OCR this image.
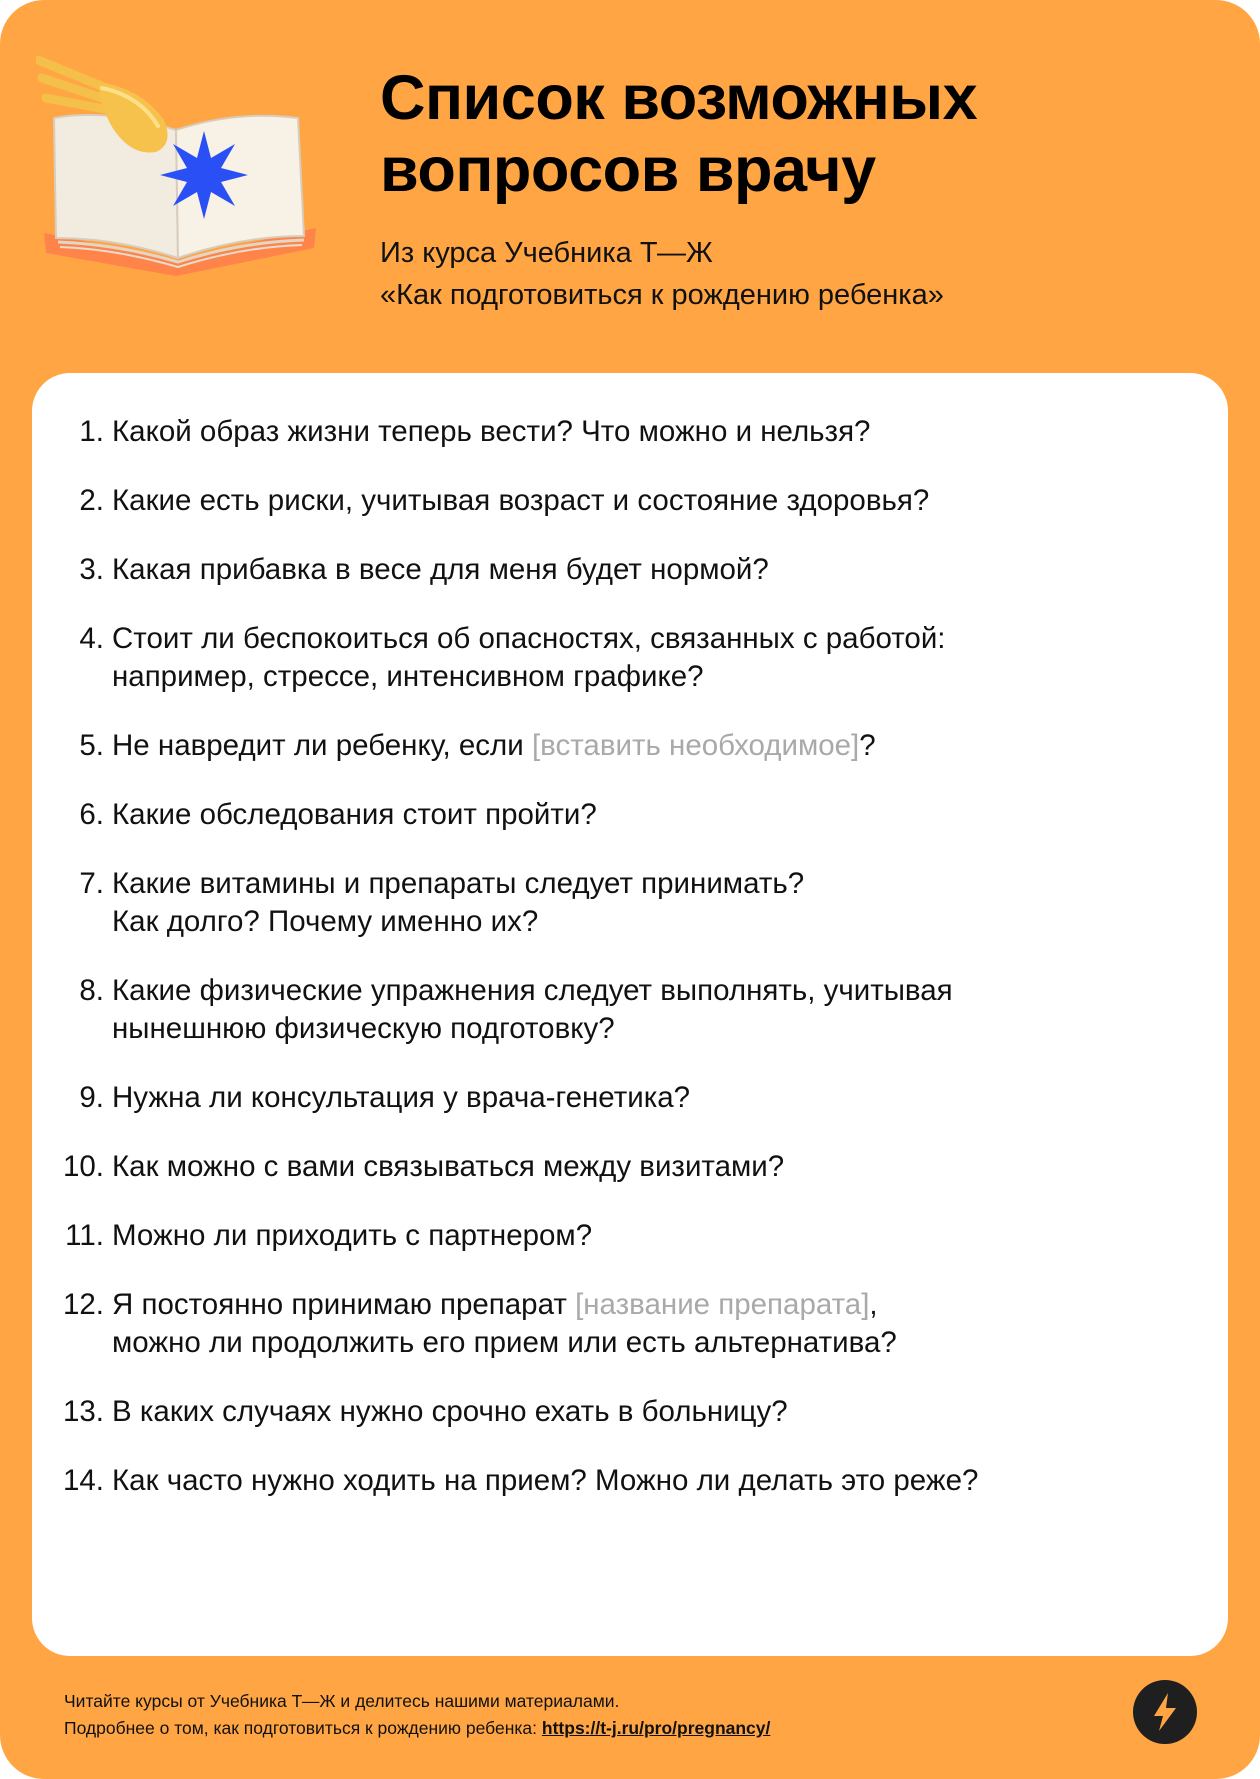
Список возможных
вопросов врачу
Из курса Учебника Т—Ж
«Как подготовиться к рождению ребенка»
1. Какой образ жизни теперь вести? Что можно и нельзя?
2. Какие есть риски, учитывая возраст и состояние здоровья?
3. Какая прибавка в весе для меня будет нормой?
4. Стоит ли беспокоиться об опасностях, связанных с работой:
например, стрессе, интенсивном графике?
5. Не навредит ли ребенку, если [вставить необходимое]?
6. Какие обследования стоит пройти?
7. Какие витамины и препараты следует принимать?
Как долго? Почему именно их?
8. Какие физические упражнения следует выполнять, учитывая
нынешнюю физическую подготовку?
9. Нужна ли консультация у врача-генетика?
10. Как можно с вами связываться между визитами?
11. Можно ли приходить с партнером?
12. Я постоянно принимаю препарат [название препарата],
можно ли продолжить его прием или есть альтернатива?
13. В каких случаях нужно срочно ехать в больницу?
14. Как часто нужно ходить на прием? Можно ли делать это реже?
Читайте курсы от Учебника Т—Ж и делитесь нашими материалами.
Подробнее о том, как подготовиться к рождению ребенка: https://t-j.ru/pro/pregnancy/
